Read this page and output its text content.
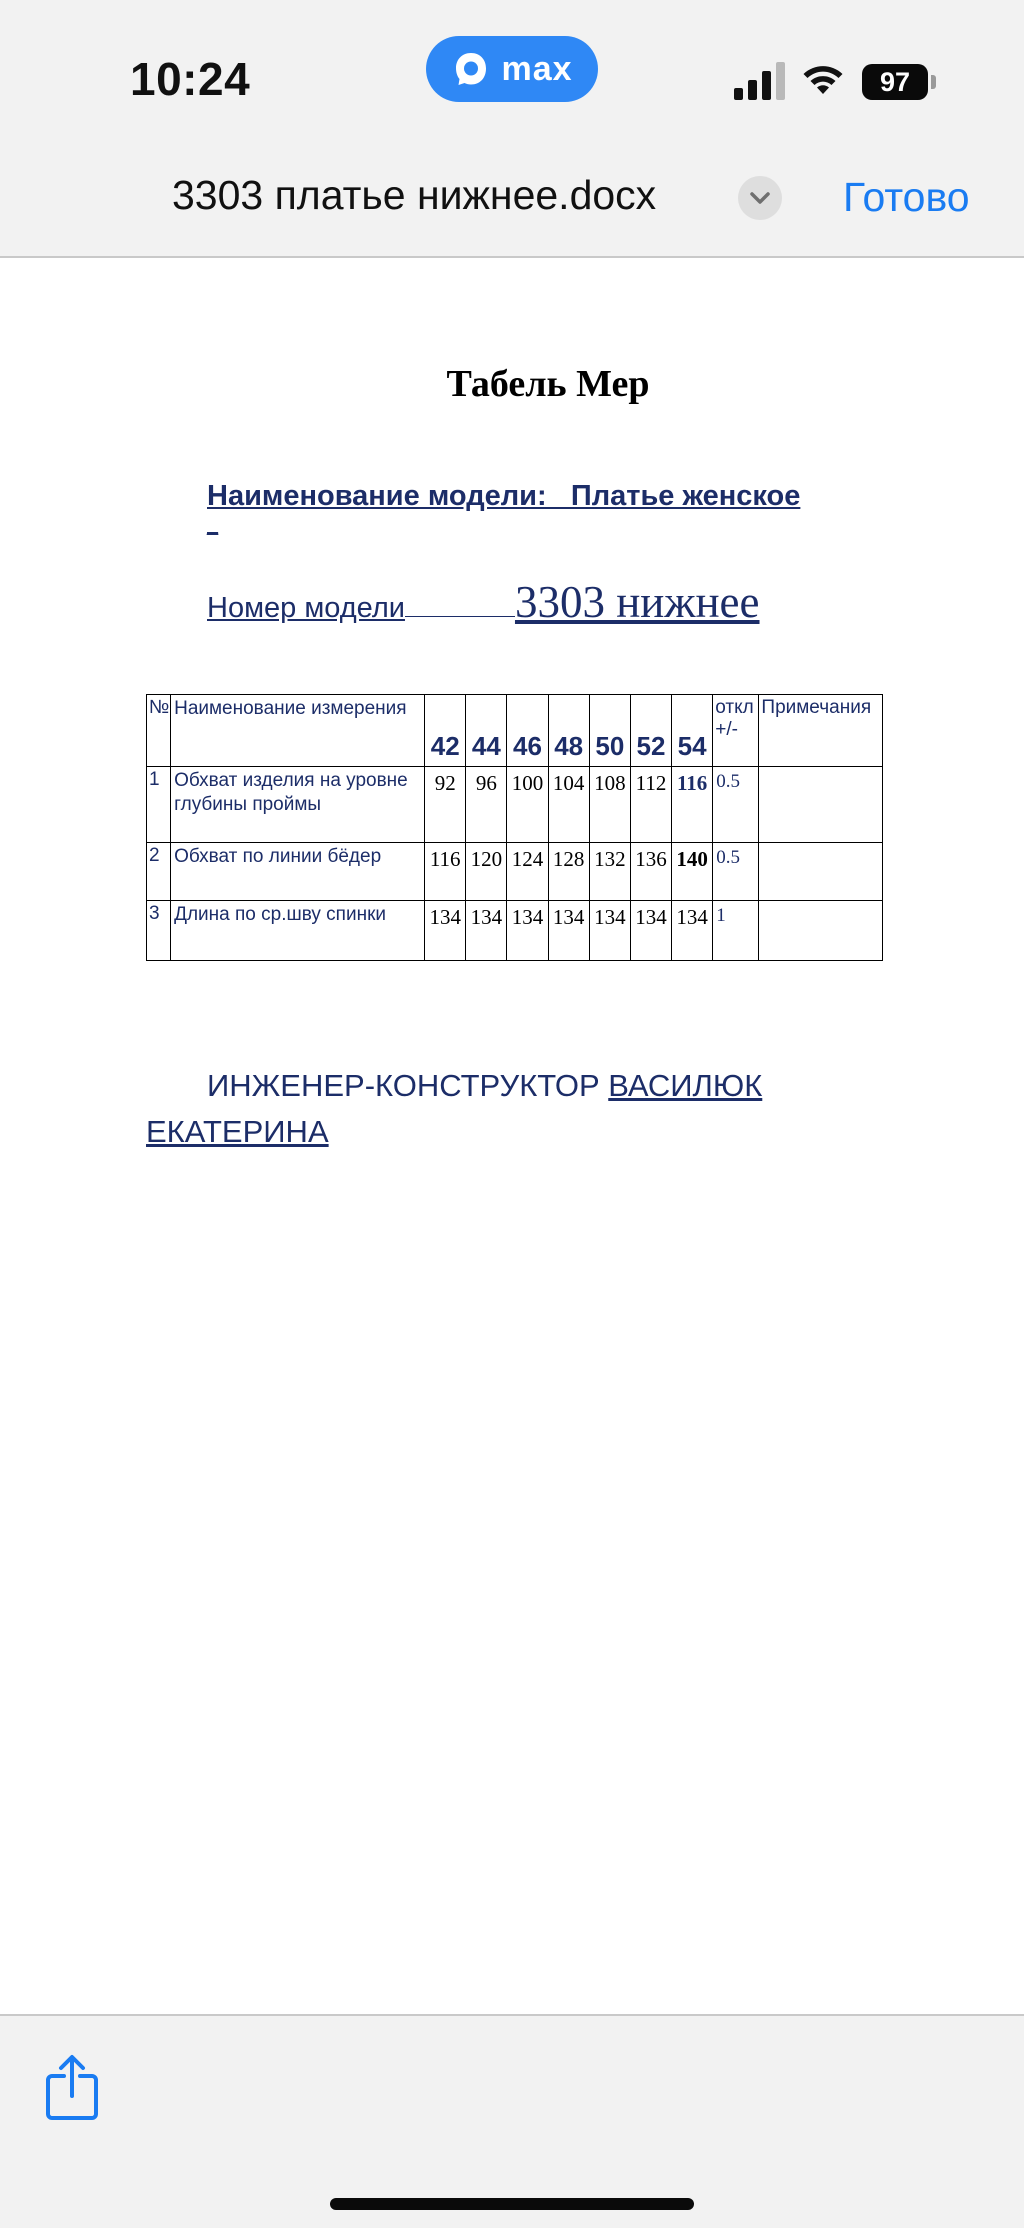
10:24	max	97
3303 платье нижнее.docx	Готово
Табель Мер
Наименование модели: _Платье женское
_
Номер модели 3303 нижнее
№	Наименование измерения	42	44	46	48	50	52	54	откл +/-	Примечания
1	Обхват изделия на уровне глубины проймы	92	96	100	104	108	112	116	0.5	
2	Обхват по линии бёдер	116	120	124	128	132	136	140	0.5	
3	Длина по ср.шву спинки	134	134	134	134	134	134	134	1	
ИНЖЕНЕР-КОНСТРУКТОР ВАСИЛЮК
ЕКАТЕРИНА
